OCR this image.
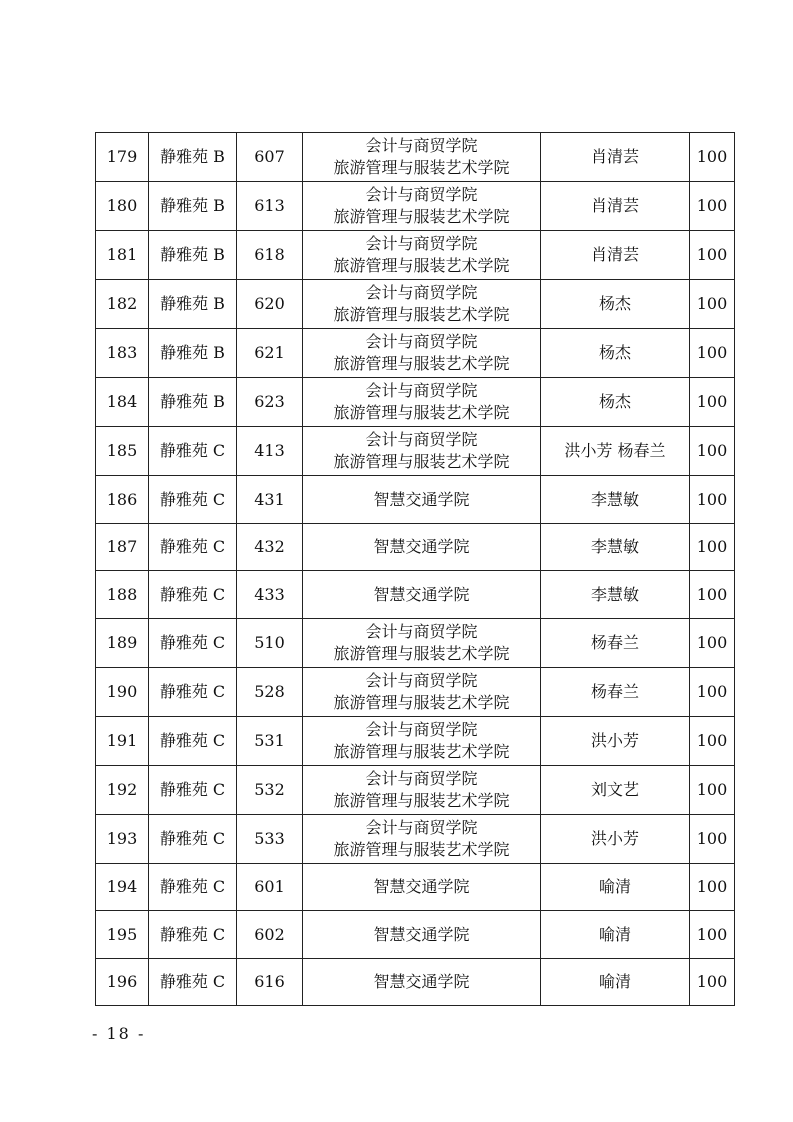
179	静雅苑 B	607	会计与商贸学院
旅游管理与服装艺术学院	肖清芸	100
180	静雅苑 B	613	会计与商贸学院
旅游管理与服装艺术学院	肖清芸	100
181	静雅苑 B	618	会计与商贸学院
旅游管理与服装艺术学院	肖清芸	100
182	静雅苑 B	620	会计与商贸学院
旅游管理与服装艺术学院	杨杰	100
183	静雅苑 B	621	会计与商贸学院
旅游管理与服装艺术学院	杨杰	100
184	静雅苑 B	623	会计与商贸学院
旅游管理与服装艺术学院	杨杰	100
185	静雅苑 C	413	会计与商贸学院
旅游管理与服装艺术学院	洪小芳 杨春兰	100
186	静雅苑 C	431	智慧交通学院	李慧敏	100
187	静雅苑 C	432	智慧交通学院	李慧敏	100
188	静雅苑 C	433	智慧交通学院	李慧敏	100
189	静雅苑 C	510	会计与商贸学院
旅游管理与服装艺术学院	杨春兰	100
190	静雅苑 C	528	会计与商贸学院
旅游管理与服装艺术学院	杨春兰	100
191	静雅苑 C	531	会计与商贸学院
旅游管理与服装艺术学院	洪小芳	100
192	静雅苑 C	532	会计与商贸学院
旅游管理与服装艺术学院	刘文艺	100
193	静雅苑 C	533	会计与商贸学院
旅游管理与服装艺术学院	洪小芳	100
194	静雅苑 C	601	智慧交通学院	喻清	100
195	静雅苑 C	602	智慧交通学院	喻清	100
196	静雅苑 C	616	智慧交通学院	喻清	100
- 18 -
